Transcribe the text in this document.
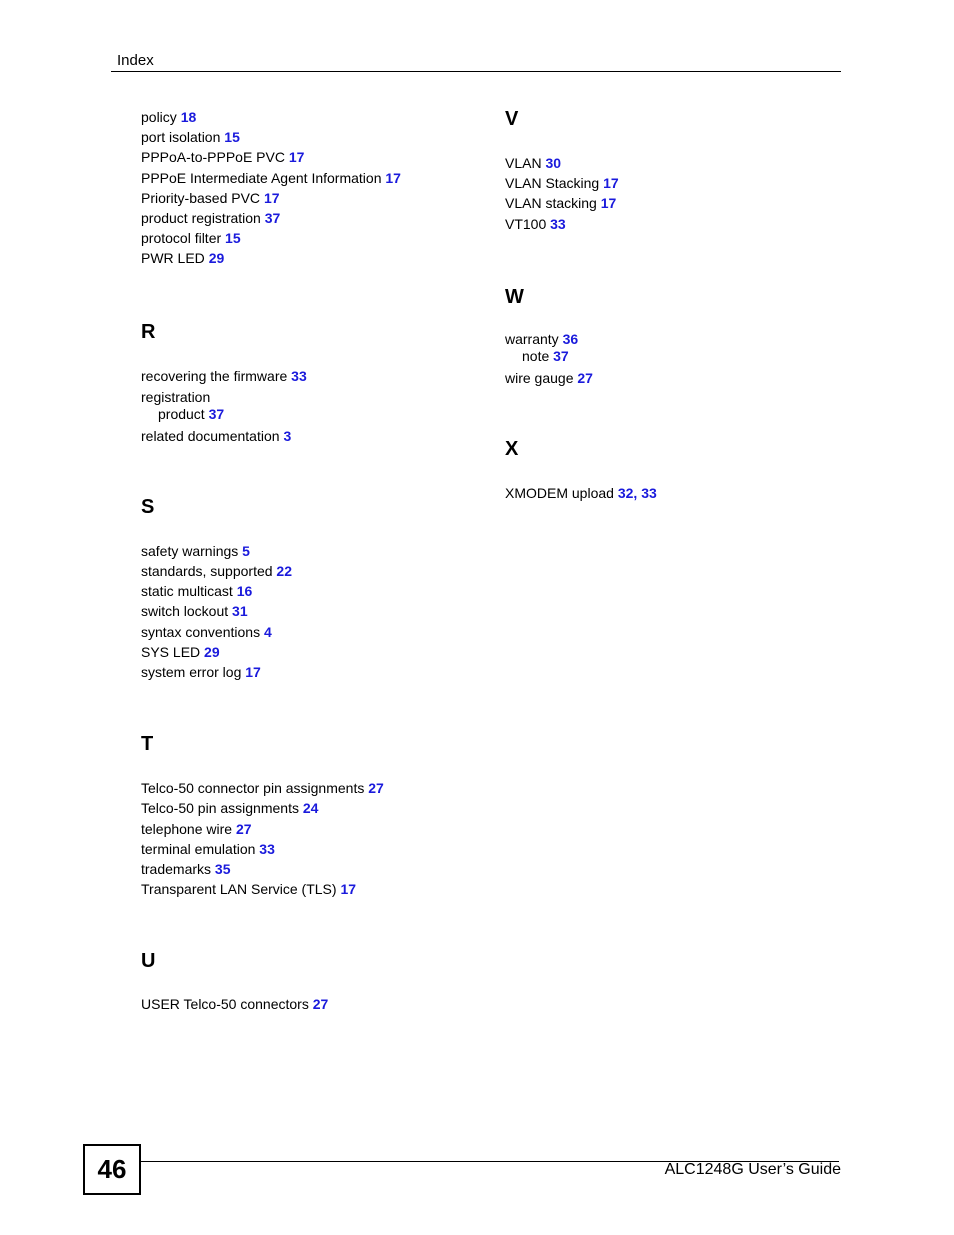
Index
policy 18
port isolation 15
PPPoA-to-PPPoE PVC 17
PPPoE Intermediate Agent Information 17
Priority-based PVC 17
product registration 37
protocol filter 15
PWR LED 29
R
recovering the firmware 33
registration
product 37
related documentation 3
S
safety warnings 5
standards, supported 22
static multicast 16
switch lockout 31
syntax conventions 4
SYS LED 29
system error log 17
T
Telco-50 connector pin assignments 27
Telco-50 pin assignments 24
telephone wire 27
terminal emulation 33
trademarks 35
Transparent LAN Service (TLS) 17
U
USER Telco-50 connectors 27
V
VLAN 30
VLAN Stacking 17
VLAN stacking 17
VT100 33
W
warranty 36
note 37
wire gauge 27
X
XMODEM upload 32, 33
46	ALC1248G User’s Guide
